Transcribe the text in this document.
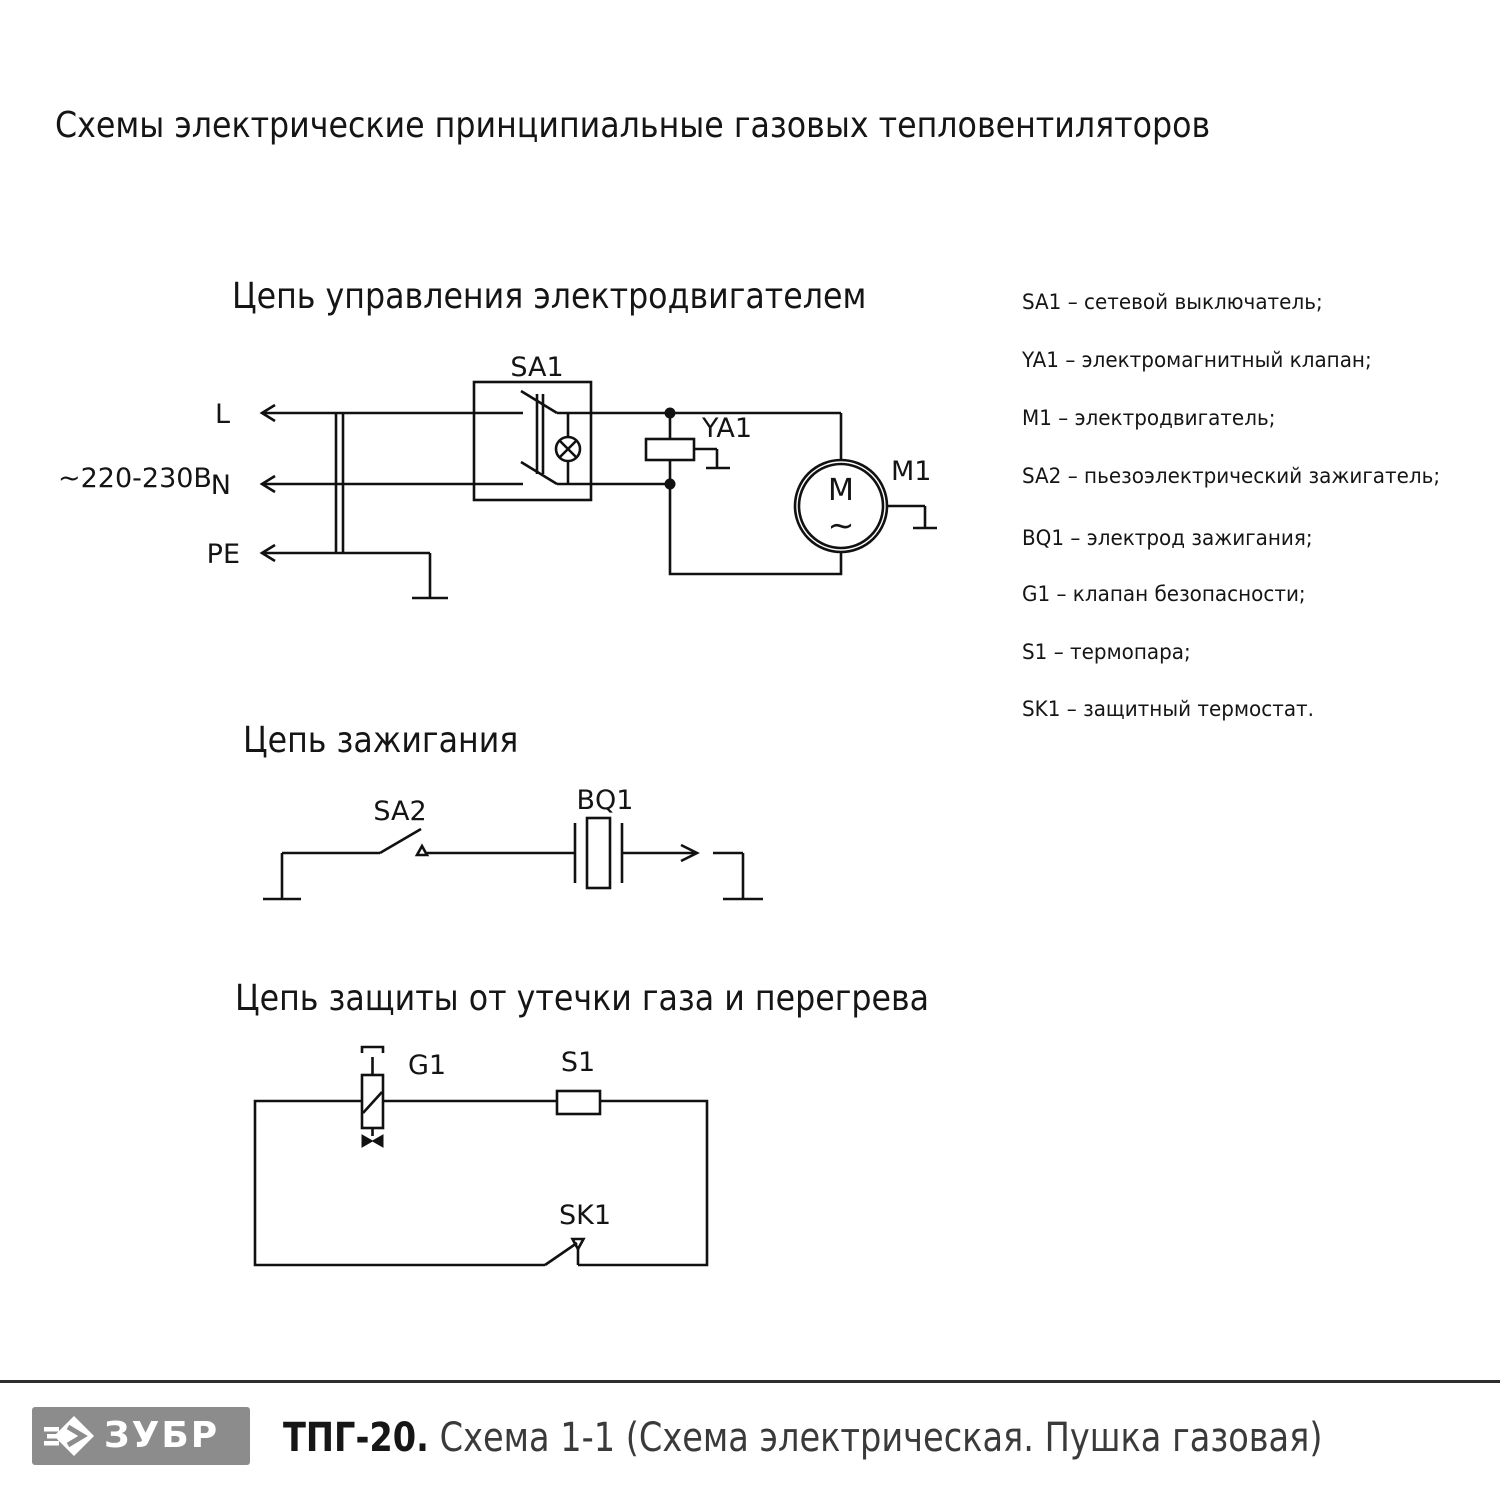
Схемы электрические принципиальные газовых тепловентиляторов
Цепь управления электродвигателем
Цепь зажигания
Цепь защиты от утечки газа и перегрева
SA1
L
N
PE
~220-230В
YA1
M1
M
~
SA2	BQ1
G1	S1
SK1
SA1 – сетевой выключатель;
YA1 – электромагнитный клапан;
M1 – электродвигатель;
SA2 – пьезоэлектрический зажигатель;
BQ1 – электрод зажигания;
G1 – клапан безопасности;
S1 – термопара;
SK1 – защитный термостат.
ЗУБР ТПГ-20. Схема 1-1 (Схема электрическая. Пушка газовая)
